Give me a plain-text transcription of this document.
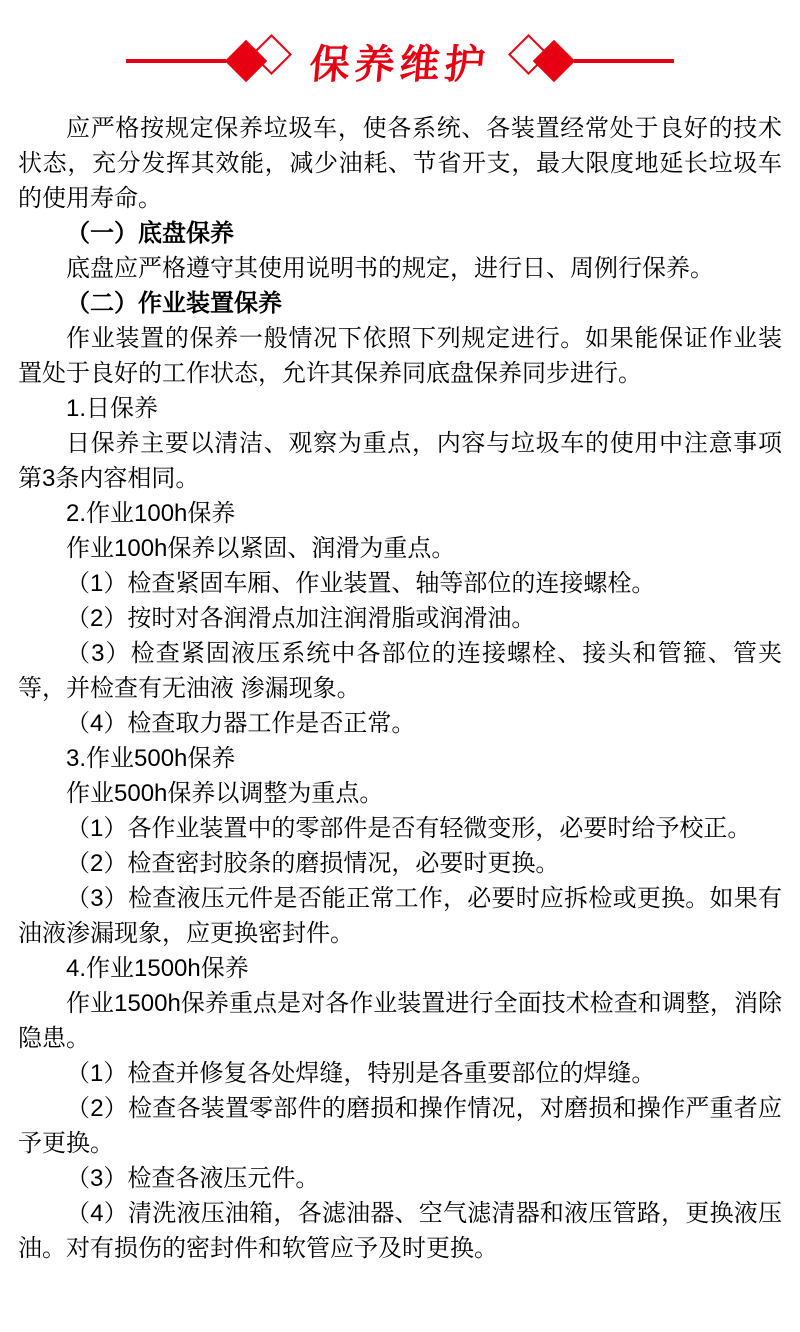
保养维护

应严格按规定保养垃圾车，使各系统、各装置经常处于良好的技术状态，充分发挥其效能，减少油耗、节省开支，最大限度地延长垃圾车的使用寿命。

（一）底盘保养

底盘应严格遵守其使用说明书的规定，进行日、周例行保养。

（二）作业装置保养

作业装置的保养一般情况下依照下列规定进行。如果能保证作业装置处于良好的工作状态，允许其保养同底盘保养同步进行。

1.日保养

日保养主要以清洁、观察为重点，内容与垃圾车的使用中注意事项第3条内容相同。

2.作业100h保养

作业100h保养以紧固、润滑为重点。

（1）检查紧固车厢、作业装置、轴等部位的连接螺栓。

（2）按时对各润滑点加注润滑脂或润滑油。

（3）检查紧固液压系统中各部位的连接螺栓、接头和管箍、管夹等，并检查有无油液 渗漏现象。

（4）检查取力器工作是否正常。

3.作业500h保养

作业500h保养以调整为重点。

（1）各作业装置中的零部件是否有轻微变形，必要时给予校正。

（2）检查密封胶条的磨损情况，必要时更换。

（3）检查液压元件是否能正常工作，必要时应拆检或更换。如果有油液渗漏现象，应更换密封件。

4.作业1500h保养

作业1500h保养重点是对各作业装置进行全面技术检查和调整，消除隐患。

（1）检查并修复各处焊缝，特别是各重要部位的焊缝。

（2）检查各装置零部件的磨损和操作情况，对磨损和操作严重者应予更换。

（3）检查各液压元件。

（4）清洗液压油箱，各滤油器、空气滤清器和液压管路，更换液压油。对有损伤的密封件和软管应予及时更换。
